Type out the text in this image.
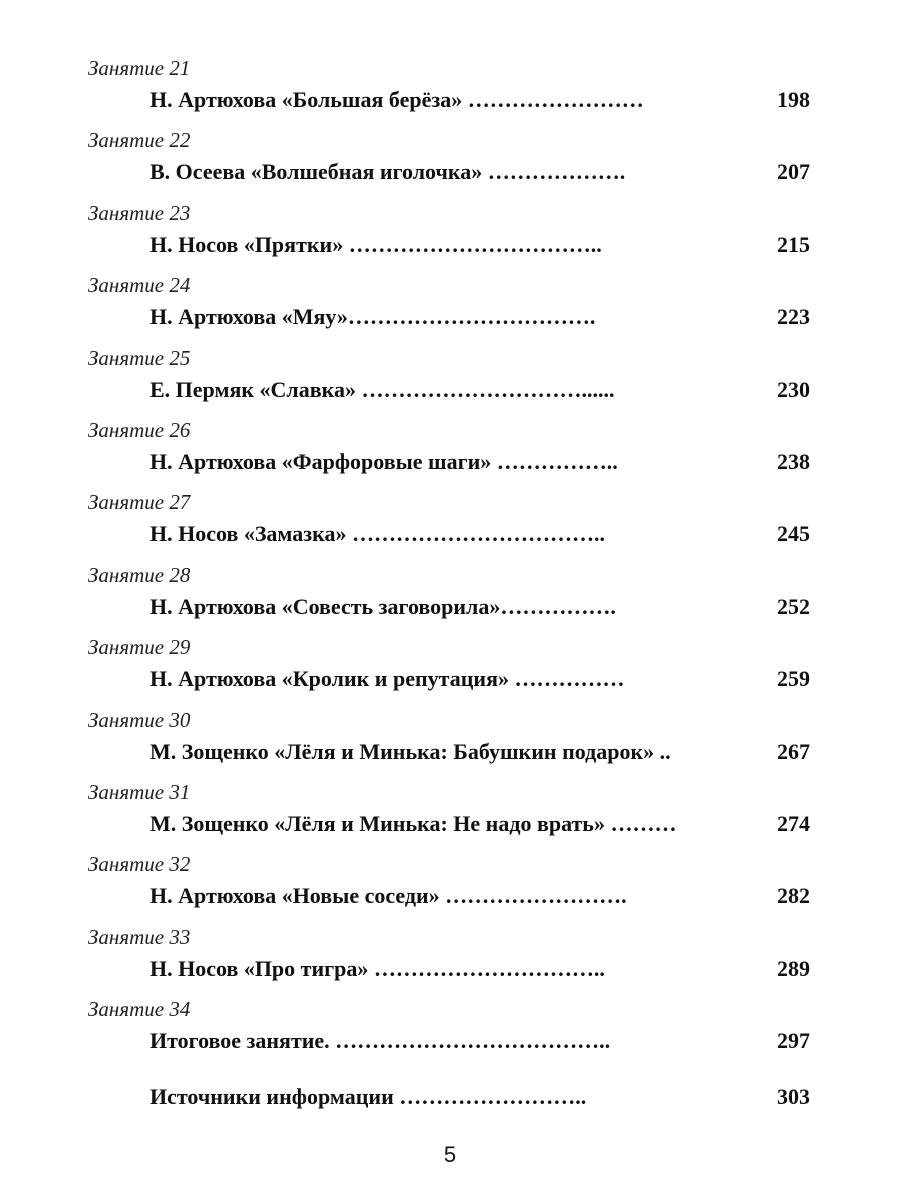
Занятие 21
Н. Артюхова «Большая берёза» ……………………	198
Занятие 22
В. Осеева «Волшебная иголочка» ……………….	207
Занятие 23
Н. Носов «Прятки» ……………………………..	215
Занятие 24
Н. Артюхова «Мяу»…………………………….	223
Занятие 25
Е. Пермяк «Славка» …………………………......	230
Занятие 26
Н. Артюхова «Фарфоровые шаги» ……………..	238
Занятие 27
Н. Носов «Замазка» ……………………………..	245
Занятие 28
Н. Артюхова «Совесть заговорила»…………….	252
Занятие 29
Н. Артюхова «Кролик и репутация» ……………	259
Занятие 30
М. Зощенко «Лёля и Минька: Бабушкин подарок» ..	267
Занятие 31
М. Зощенко «Лёля и Минька: Не надо врать» ………	274
Занятие 32
Н. Артюхова «Новые соседи» …………………….	282
Занятие 33
Н. Носов «Про тигра» …………………………..	289
Занятие 34
Итоговое занятие. ………………………………..	297
Источники информации ……………………..	303
5
